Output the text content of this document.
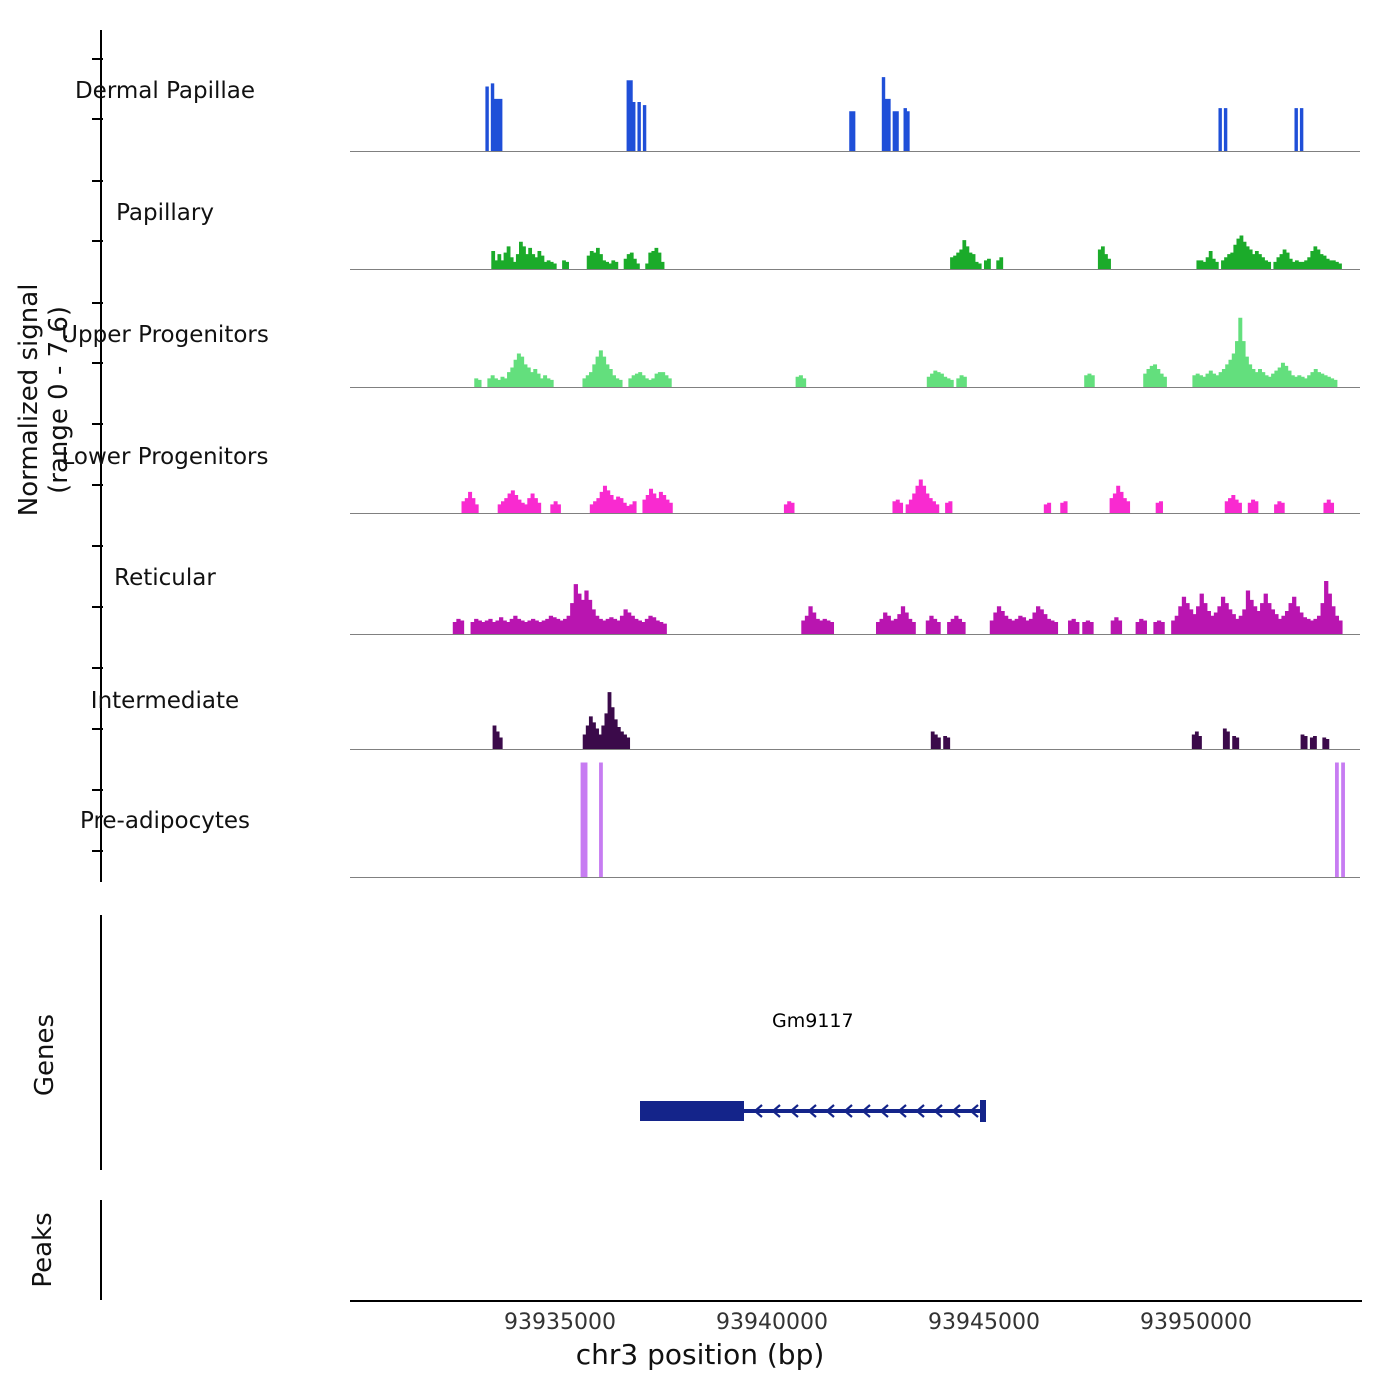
Normalized signal (range 0 - 7.6)
Genes
Peaks
Dermal Papillae
Papillary
Upper Progenitors
Lower Progenitors
Reticular
Intermediate
Pre-adipocytes
Gm9117
93935000	93940000	93945000	93950000
chr3 position (bp)
